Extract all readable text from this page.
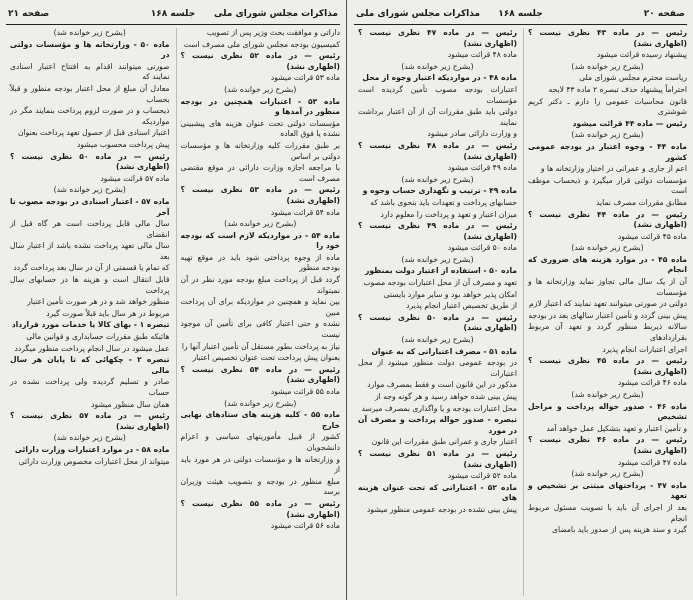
مذاکرات مجلس شورای ملی
جلسه ۱۶۸
صفحه ۲۱

داراتی و موافقت بحث وزیر پس از تصویب

کمیسیون بودجه مجلس شورای ملی مصرف است

رئیس — در ماده ۵۲ نظری نیست ؟ (اظهاری نشد)

ماده ۵۳ قرائت میشود

(بشرح زیر خوانده شد)

ماده ۵۳ - اعتبارات همچنین در بودجه منظور در آمدها و

مؤسسات دولتی تحت عنوان هزینه های پیشبینی نشده یا فوق العاده

بر طبق مقررات کلیه وزارتخانه ها و مؤسسات دولتی بر اساس

با مراجعه اجازه وزارت دارائی در موقع مقتضی مصرف است

رئیس — در ماده ۵۳ نظری نیست ؟ (اظهاری نشد)

ماده ۵۴ قرائت میشود

(بشرح زیر خوانده شد)

ماده ۵۴ - در مواردیکه لازم است که بودجه خود را

ماده از وجوه پرداختی شود باید در موقع تهیه بودجه منظور

گردد قبل از پرداخت مبلغ بودجه مورد نظر در آن نمیتواند

بین نماید و همچنین در مواردیکه برای آن پرداخت مبین

نشده و حتی اعتبار کافی برای تأمین آن موجود نیست

نیاز به پرداخت بطور مستقل آن تأمین اعتبار آنها را

بعنوان پیش پرداخت تحت عنوان تخصیص اعتبار

رئیس — در ماده ۵۴ نظری نیست ؟ (اظهاری نشد)

ماده ۵۵ قرائت میشود

(بشرح زیر خوانده شد)

ماده ۵۵ - کلیه هزینه های ستادهای نهایی خارج

کشور از قبیل مأموریتهای سیاسی و اعزام دانشجویان

و وزارتخانه ها و مؤسسات دولتی در هر مورد باید از

مبلغ منظور در بودجه و بتصویب هیئت وزیران برسد

رئیس — در ماده ۵۵ نظری نیست ؟ (اظهاری نشد)

ماده ۵۶ قرائت میشود

(بشرح زیر خوانده شد)

ماده ۵۰ - وزارتخانه ها و مؤسسات دولتی در

صورتی میتوانند اقدام به افتتاح اعتبار اسنادی نمایند که

معادل آن مبلغ از محل اعتبار بودجه منظور و قبلاً بحساب

ذیحساب و در صورت لزوم پرداخت بنمایند مگر در مواردیکه

اعتبار اسنادی قبل از حصول تعهد پرداخت بعنوان

پیش پرداخت محسوب میشود

رئیس — در ماده ۵۰ نظری نیست ؟ (اظهاری نشد)

ماده ۵۷ قرائت میشود

(بشرح زیر خوانده شد)

ماده ۵۷ - اعتبار اسنادی در بودجه مصوب تا آخر

سال مالی قابل پرداخت است هر گاه قبل از انقضای

سال مالی تعهد پرداخت نشده باشد از اعتبار سال بعد

که تمام یا قسمتی از آن در سال بعد پرداخت گردد

قابل انتقال است و هزینه ها در حسابهای سال پرداخت

منظور خواهد شد و در هر صورت تأمین اعتبار

مربوط در هر سال باید قبلاً صورت گیرد

تبصره ۱ - بهای کالا یا خدمات مورد قرارداد

هائیکه طبق مقررات حسابداری و قوانین مالی

عمل میشود در سال انجام پرداخت منظور میگردد

تبصره ۲ - چکهائی که تا پایان هر سال مالی

صادر و تسلیم گردیده ولی پرداخت نشده در حساب

همان سال منظور میشود

رئیس — در ماده ۵۷ نظری نیست ؟ (اظهاری نشد)

(بشرح زیر خوانده شد)

ماده ۵۸ - در موارد اعتبارات وزارت دارائی

میتواند از محل اعتبارات مخصوص وزارت دارائی

صفحه ۲۰
جلسه ۱۶۸
مذاکرات مجلس شورای ملی

رئیس — در ماده ۴۳ نظری نیست ؟ (اظهاری نشد)

پیشنهاد رسیده قرائت میشود

(بشرح زیر خوانده شد)

ریاست محترم مجلس شورای ملی

احتراماً پیشنهاد حذف تبصره ۲ ماده ۴۳ لایحه

قانون محاسبات عمومی را دارم ـ دکتر کریم شوشتری

رئیس — ماده ۴۴ قرائت میشود

(بشرح زیر خوانده شد)

ماده ۴۴ - وجوه اعتبار در بودجه عمومی کشور

اعم از جاری و عمرانی در اختیار وزارتخانه ها و

مؤسسات دولتی قرار میگیرد و ذیحساب موظف است

مطابق مقررات مصرف نماید

رئیس — در ماده ۴۴ نظری نیست ؟ (اظهاری نشد)

ماده ۴۵ قرائت میشود

(بشرح زیر خوانده شد)

ماده ۴۵ - در موارد هزینه های ضروری که انجام

آن از یک سال مالی تجاوز نماید وزارتخانه ها و مؤسسات

دولتی در صورتی میتوانند تعهد نمایند که اعتبار لازم

پیش بینی گردد و تأمین اعتبار سالهای بعد در بودجه

سالانه ذیربط منظور گردد و تعهد آن مربوط بقراردادهای

اجرای اعتبارات انجام پذیرد

رئیس — در ماده ۴۵ نظری نیست ؟ (اظهاری نشد)

ماده ۴۶ قرائت میشود

(بشرح زیر خوانده شد)

ماده ۴۶ - صدور حواله پرداخت و مراحل تشخیص

و تأمین اعتبار و تعهد بتشکیل عمل خواهد آمد

رئیس — در ماده ۴۶ نظری نیست ؟ (اظهاری نشد)

ماده ۴۷ قرائت میشود

(بشرح زیر خوانده شد)

ماده ۴۷ - پرداختهای مبتنی بر تشخیص و تعهد

بعد از اجرای آن باید با تصویب مسئول مربوط انجام

گیرد و سند هزینه پس از صدور باید بامضای

رئیس — در ماده ۴۷ نظری نیست ؟ (اظهاری نشد)

ماده ۴۸ قرائت میشود

(بشرح زیر خوانده شد)

ماده ۴۸ - در مواردیکه اعتبار وجوه از محل

اعتبارات بودجه مصوب تأمین گردیده است مؤسسات

دولتی باید طبق مقررات آن از آن اعتبار برداشت نمایند

و وزارت دارائی صادر میشود

رئیس — در ماده ۴۸ نظری نیست ؟ (اظهاری نشد)

ماده ۴۹ قرائت میشود

(بشرح زیر خوانده شد)

ماده ۴۹ - ترتیب و نگهداری حساب وجوه و

حسابهای پرداخت و تعهدات باید بنحوی باشد که

میزان اعتبار و تعهد و پرداخت را معلوم دارد

رئیس — در ماده ۴۹ نظری نیست ؟ (اظهاری نشد)

ماده ۵۰ قرائت میشود

(بشرح زیر خوانده شد)

ماده ۵۰ - استفاده از اعتبار دولت بمنظور

تعهد و مصرف آن از محل اعتبارات بودجه مصوب

امکان پذیر خواهد بود و سایر موارد بایستی

از طریق تخصیص اعتبار انجام پذیرد

رئیس — در ماده ۵۰ نظری نیست ؟ (اظهاری نشد)

(بشرح زیر خوانده شد)

ماده ۵۱ - مصرف اعتباراتی که به عنوان

در بودجه عمومی دولت منظور میشود از محل اعتبارات

مذکور در این قانون است و فقط بمصرف موارد

پیش بینی شده خواهد رسید و هر گونه وجه از

محل اعتبارات بودجه و یا واگذاری بمصرف میرسد

تبصره - صدور حواله پرداخت و مصرف آن در مورد

اعتبار جاری و عمرانی طبق مقررات این قانون

رئیس — در ماده ۵۱ نظری نیست ؟ (اظهاری نشد)

ماده ۵۲ قرائت میشود

ماده ۵۲ - اعتباراتی که تحت عنوان هزینه های

پیش بینی نشده در بودجه عمومی منظور میشود
